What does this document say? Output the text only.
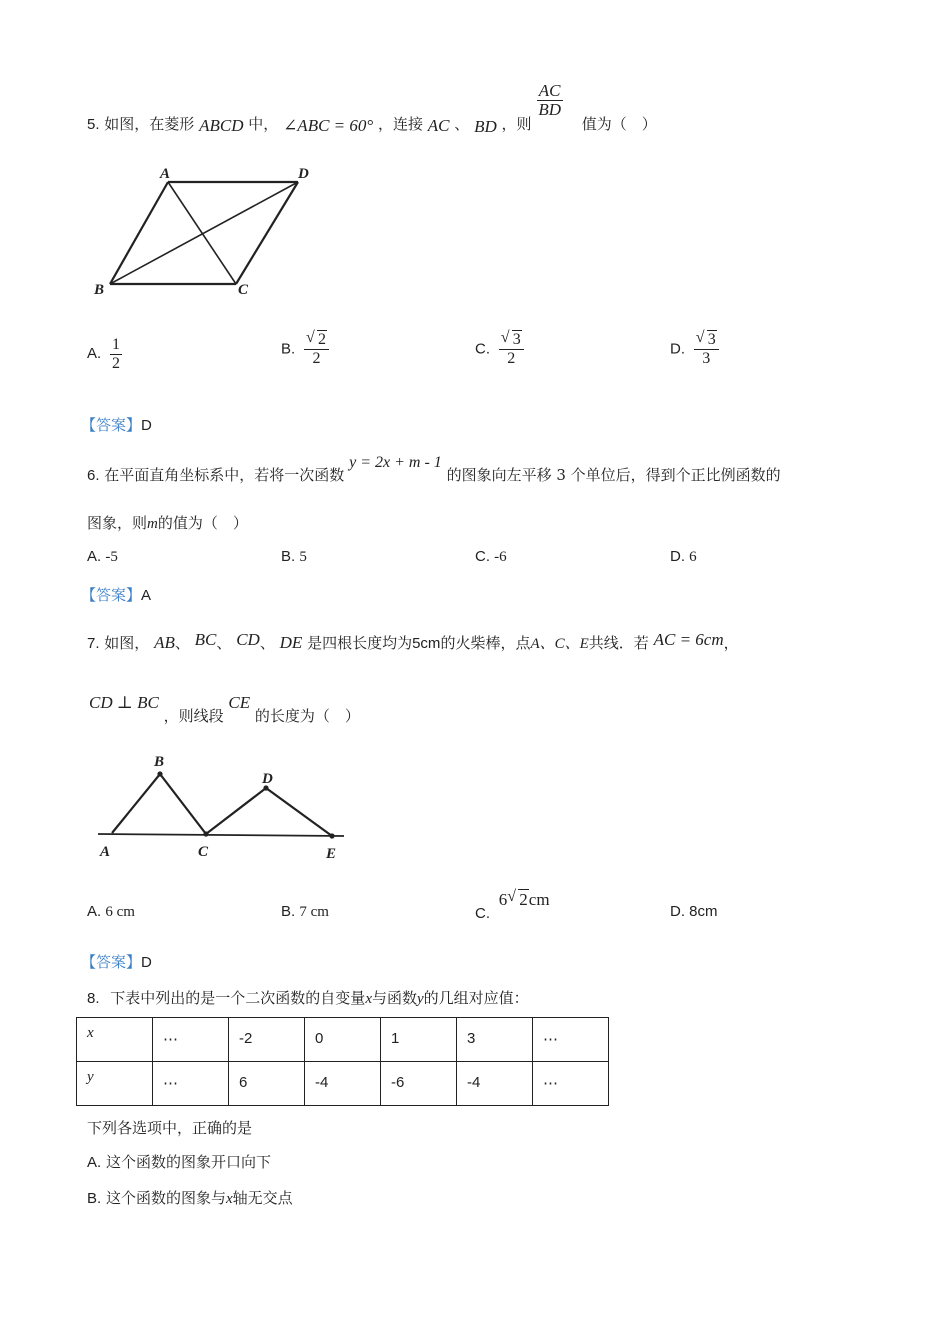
5. 如图，在菱形 ABCD 中， ∠ABC = 60° ，连接 AC 、 BD ，则
$\frac{AC}{BD}$
值为（　）
A	D
B	C
A. $\frac{1}{2}$	B. $\frac{√ 2}{2}$	C. $\frac{√ 3}{2}$	D. $\frac{√ 3}{3}$
【答案】D
6. 在平面直角坐标系中，若将一次函数 y = 2x + m - 1 的图象向左平移 3 个单位后，得到个正比例函数的
图象，则m的值为（　）
A. -5	B. 5	C. -6	D. 6
【答案】A
7. 如图， AB、 BC、 CD、 DE 是四根长度均为5cm的火柴棒，点A、C、E共线．若 AC = 6cm，
CD ⊥ BC ，则线段 CE 的长度为（　）
B
D
A	C	E
A. 6 cm	B. 7 cm	C. 6 √ 2cm
D. 8cm
【答案】D
8. 下表中列出的是一个二次函数的自变量x与函数y的几组对应值：
x	⋯	-2	0	1	3	⋯
y	⋯	6	-4	-6	-4	⋯
下列各选项中，正确的是
A. 这个函数的图象开口向下
B. 这个函数的图象与x轴无交点
